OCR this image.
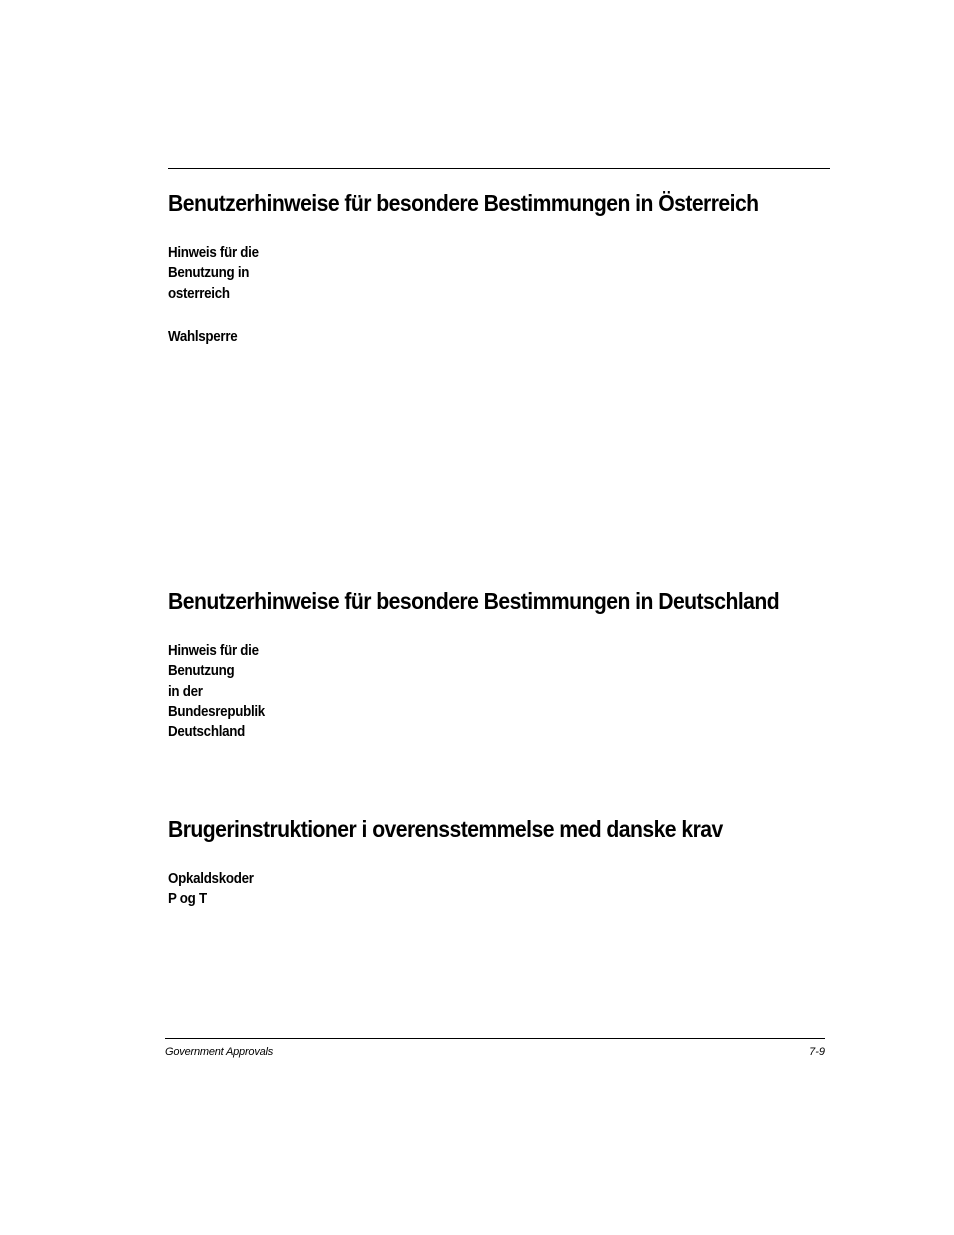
Benutzerhinweise für besondere Bestimmungen in Österreich
Hinweis für die
Benutzung in
osterreich
Wahlsperre
Benutzerhinweise für besondere Bestimmungen in Deutschland
Hinweis für die
Benutzung
in der
Bundesrepublik
Deutschland
Brugerinstruktioner i overensstemmelse med danske krav
Opkaldskoder
P og T
Government Approvals	7-9
